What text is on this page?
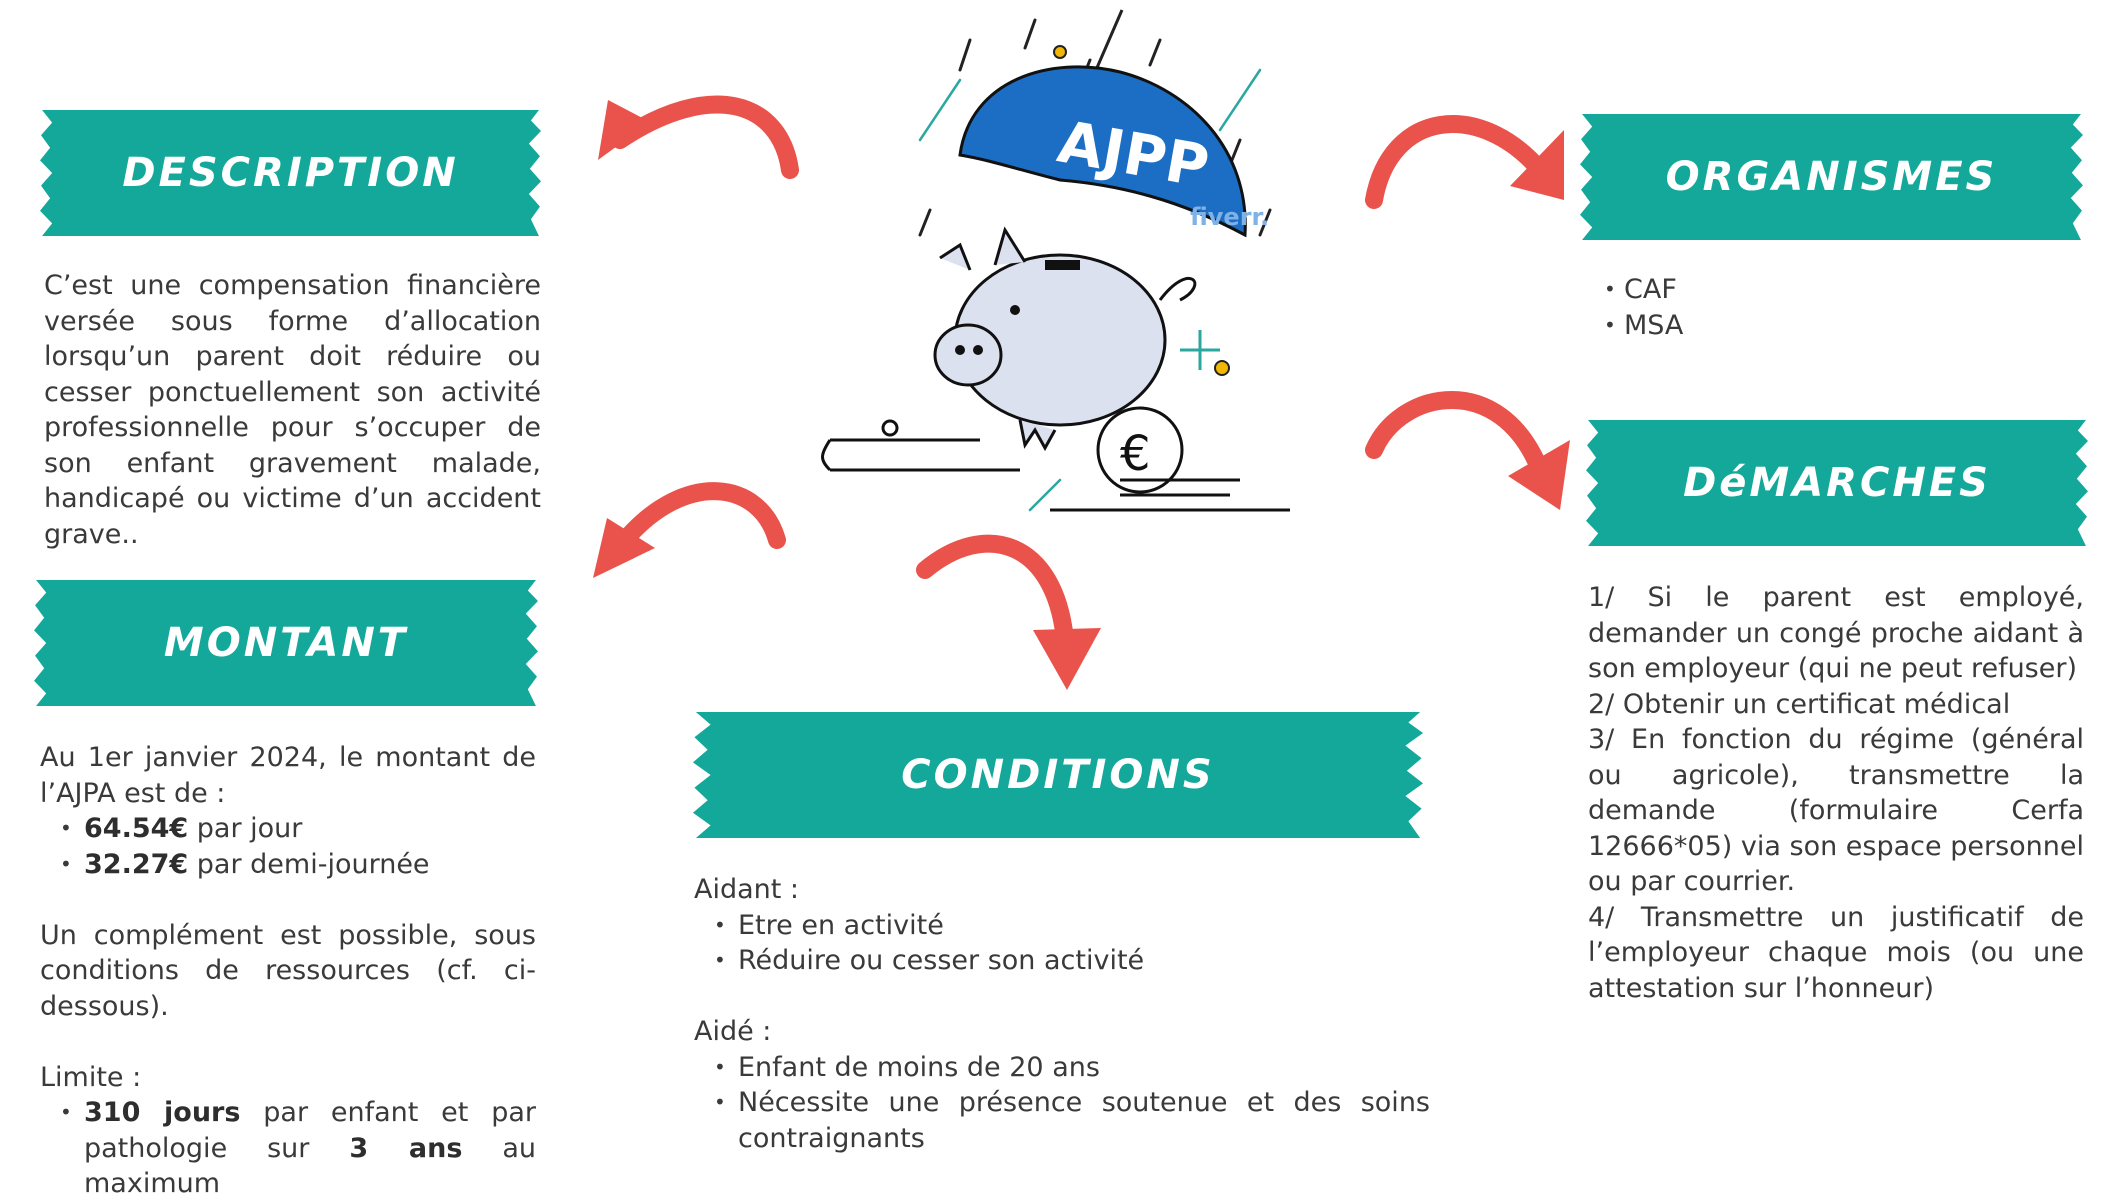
DESCRIPTION
C’est une compensation financière versée sous forme d’allocation lorsqu’un parent doit réduire ou cesser ponctuellement son activité professionnelle pour s’occuper de son enfant gravement malade, handicapé ou victime d’un accident grave..
MONTANT

Au 1er janvier 2024, le montant de l’AJPA est de :

• 64.54€ par jour
• 32.27€ par demi-journée

Un complément est possible, sous conditions de ressources (cf. ci-dessous).

Limite :

• 310 jours par enfant et par pathologie sur 3 ans au maximum
CONDITIONS

Aidant :

• Etre en activité
• Réduire ou cesser son activité

Aidé :

• Enfant de moins de 20 ans
• Nécessite une présence soutenue et des soins contraignants
ORGANISMES
• CAF
• MSA
DéMARCHES

1/ Si le parent est employé, demander un congé proche aidant à son employeur (qui ne peut refuser)

2/ Obtenir un certificat médical

3/ En fonction du régime (général ou agricole), transmettre la demande (formulaire Cerfa 12666*05) via son espace personnel ou par courrier.

4/ Transmettre un justificatif de l’employeur chaque mois (ou une attestation sur l’honneur)

AJPP
fiverr.
€
